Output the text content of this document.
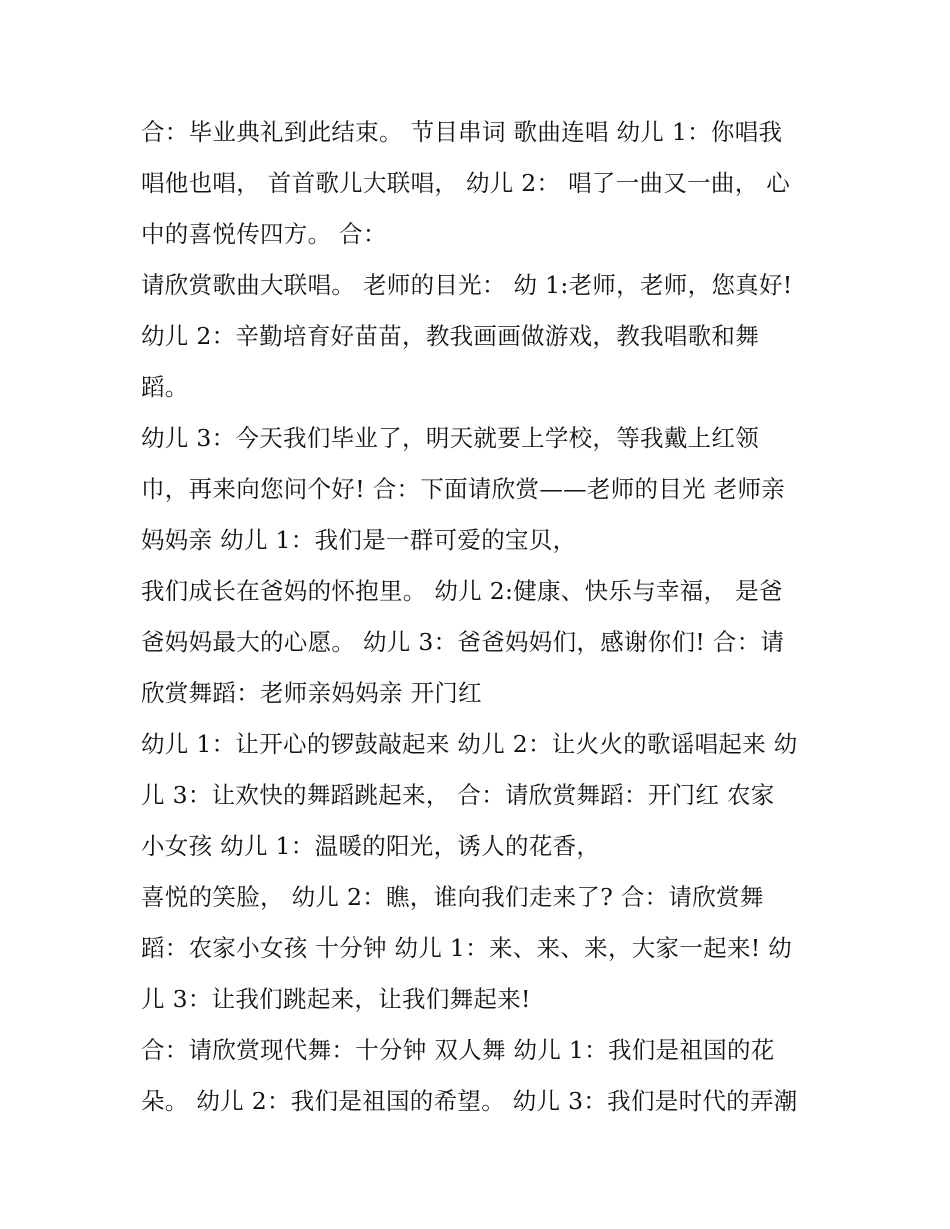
合：毕业典礼到此结束。 节目串词 歌曲连唱 幼儿 1：你唱我
唱他也唱， 首首歌儿大联唱， 幼儿 2： 唱了一曲又一曲， 心
中的喜悦传四方。 合：
请欣赏歌曲大联唱。 老师的目光： 幼 1:老师，老师，您真好!
幼儿 2：辛勤培育好苗苗，教我画画做游戏，教我唱歌和舞
蹈。
幼儿 3：今天我们毕业了，明天就要上学校，等我戴上红领
巾，再来向您问个好! 合：下面请欣赏——老师的目光 老师亲
妈妈亲 幼儿 1：我们是一群可爱的宝贝，
我们成长在爸妈的怀抱里。 幼儿 2:健康、快乐与幸福， 是爸
爸妈妈最大的心愿。 幼儿 3：爸爸妈妈们，感谢你们! 合：请
欣赏舞蹈：老师亲妈妈亲 开门红
幼儿 1：让开心的锣鼓敲起来 幼儿 2：让火火的歌谣唱起来 幼
儿 3：让欢快的舞蹈跳起来， 合：请欣赏舞蹈：开门红 农家
小女孩 幼儿 1：温暖的阳光，诱人的花香，
喜悦的笑脸， 幼儿 2：瞧，谁向我们走来了? 合：请欣赏舞
蹈：农家小女孩 十分钟 幼儿 1：来、来、来，大家一起来! 幼
儿 3：让我们跳起来，让我们舞起来!
合：请欣赏现代舞：十分钟 双人舞 幼儿 1：我们是祖国的花
朵。 幼儿 2：我们是祖国的希望。 幼儿 3：我们是时代的弄潮
